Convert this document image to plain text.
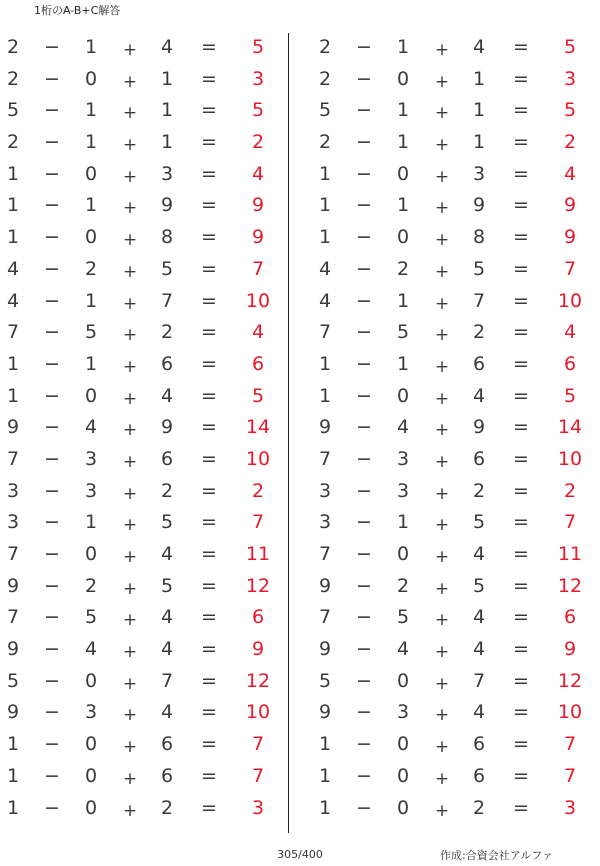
1桁のA-B+C解答
2 − 1 + 4 =	5
2 − 0 + 1 =	3
5 − 1 + 1 =	5
2 − 1 + 1 =	2
1 − 0 + 3 =	4
1 − 1 + 9 =	9
1 − 0 + 8 =	9
4 − 2 + 5 =	7
4 − 1 + 7 =	10
7 − 5 + 2 =	4
1 − 1 + 6 =	6
1 − 0 + 4 =	5
9 − 4 + 9 =	14
7 − 3 + 6 =	10
3 − 3 + 2 =	2
3 − 1 + 5 =	7
7 − 0 + 4 =	11
9 − 2 + 5 =	12
7 − 5 + 4 =	6
9 − 4 + 4 =	9
5 − 0 + 7 =	12
9 − 3 + 4 =	10
1 − 0 + 6 =	7
1 − 0 + 6 =	7
1 − 0 + 2 =	3
2 − 1 + 4 =	5
2 − 0 + 1 =	3
5 − 1 + 1 =	5
2 − 1 + 1 =	2
1 − 0 + 3 =	4
1 − 1 + 9 =	9
1 − 0 + 8 =	9
4 − 2 + 5 =	7
4 − 1 + 7 =	10
7 − 5 + 2 =	4
1 − 1 + 6 =	6
1 − 0 + 4 =	5
9 − 4 + 9 =	14
7 − 3 + 6 =	10
3 − 3 + 2 =	2
3 − 1 + 5 =	7
7 − 0 + 4 =	11
9 − 2 + 5 =	12
7 − 5 + 4 =	6
9 − 4 + 4 =	9
5 − 0 + 7 =	12
9 − 3 + 4 =	10
1 − 0 + 6 =	7
1 − 0 + 6 =	7
1 − 0 + 2 =	3
305/400	作成:合資会社アルファ
